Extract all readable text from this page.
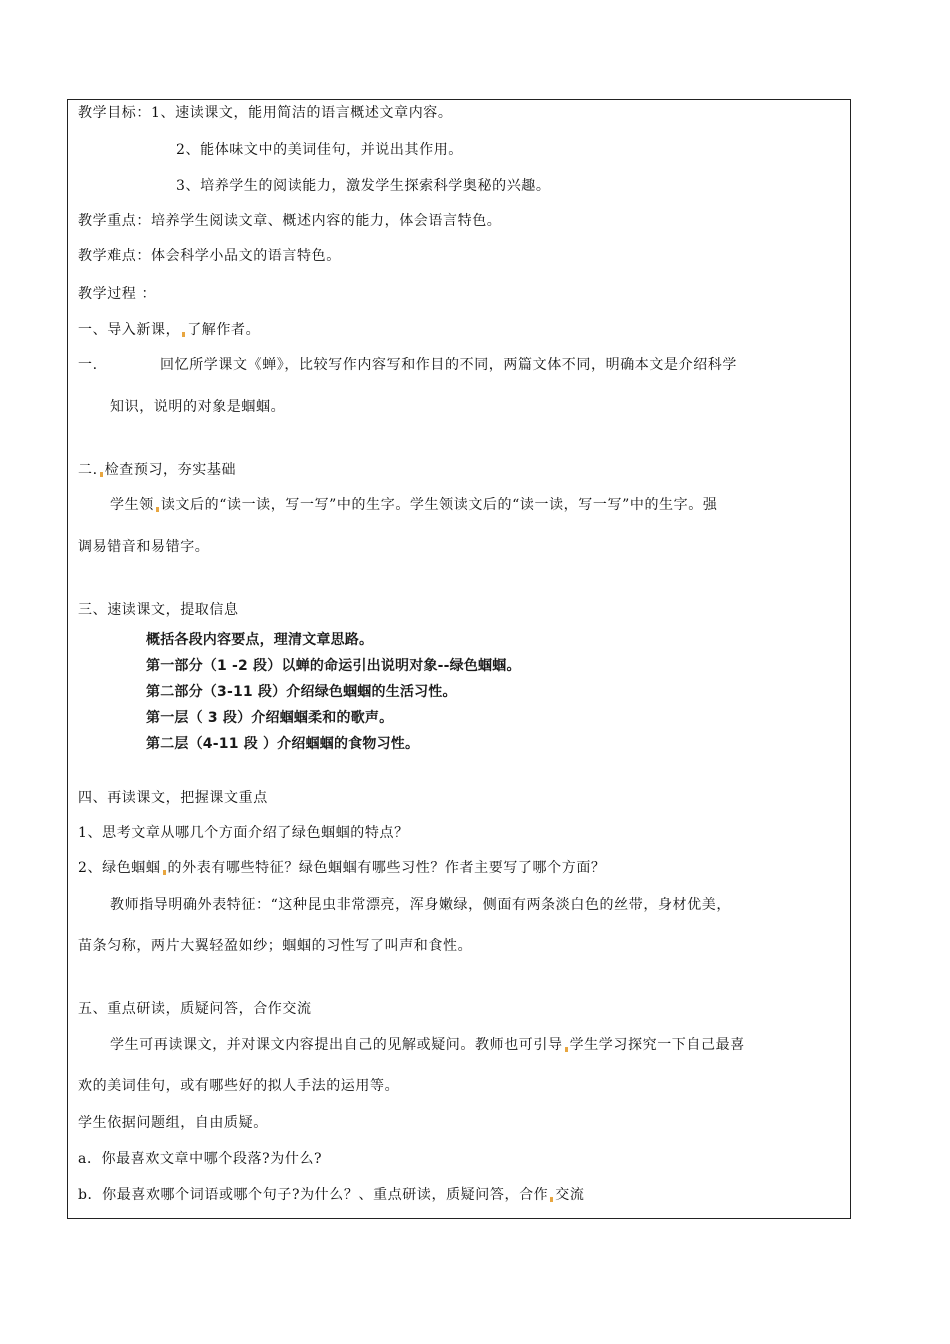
教学目标：1、速读课文，能用简洁的语言概述文章内容。
2、能体味文中的美词佳句，并说出其作用。
3、培养学生的阅读能力，激发学生探索科学奥秘的兴趣。
教学重点：培养学生阅读文章、概述内容的能力，体会语言特色。
教学难点：体会科学小品文的语言特色。
教学过程 ：
一、导入新课， 了解作者。
一.	回忆所学课文《蝉》，比较写作内容写和作目的不同，两篇文体不同，明确本文是介绍科学
知识，说明的对象是蝈蝈。
二. 检查预习，夯实基础
学生领 读文后的“读一读，写一写”中的生字。学生领读文后的“读一读，写一写”中的生字。强
调易错音和易错字。
三、速读课文，提取信息
概括各段内容要点，理清文章思路。
第一部分（1 -2 段）以蝉的命运引出说明对象--绿色蝈蝈。
第二部分（3-11 段）介绍绿色蝈蝈的生活习性。
第一层（ 3 段）介绍蝈蝈柔和的歌声。
第二层（4-11 段 ）介绍蝈蝈的食物习性。
四、再读课文，把握课文重点
1、思考文章从哪几个方面介绍了绿色蝈蝈的特点？
2、绿色蝈蝈 的外表有哪些特征？绿色蝈蝈有哪些习性？作者主要写了哪个方面？
教师指导明确外表特征：“这种昆虫非常漂亮，浑身嫩绿，侧面有两条淡白色的丝带，身材优美，
苗条匀称，两片大翼轻盈如纱；蝈蝈的习性写了叫声和食性。
五、重点研读，质疑问答，合作交流
学生可再读课文，并对课文内容提出自己的见解或疑问。教师也可引导 学生学习探究一下自己最喜
欢的美词佳句，或有哪些好的拟人手法的运用等。
学生依据问题组，自由质疑。
a．你最喜欢文章中哪个段落?为什么?
b．你最喜欢哪个词语或哪个句子?为什么？、重点研读，质疑问答，合作 交流
